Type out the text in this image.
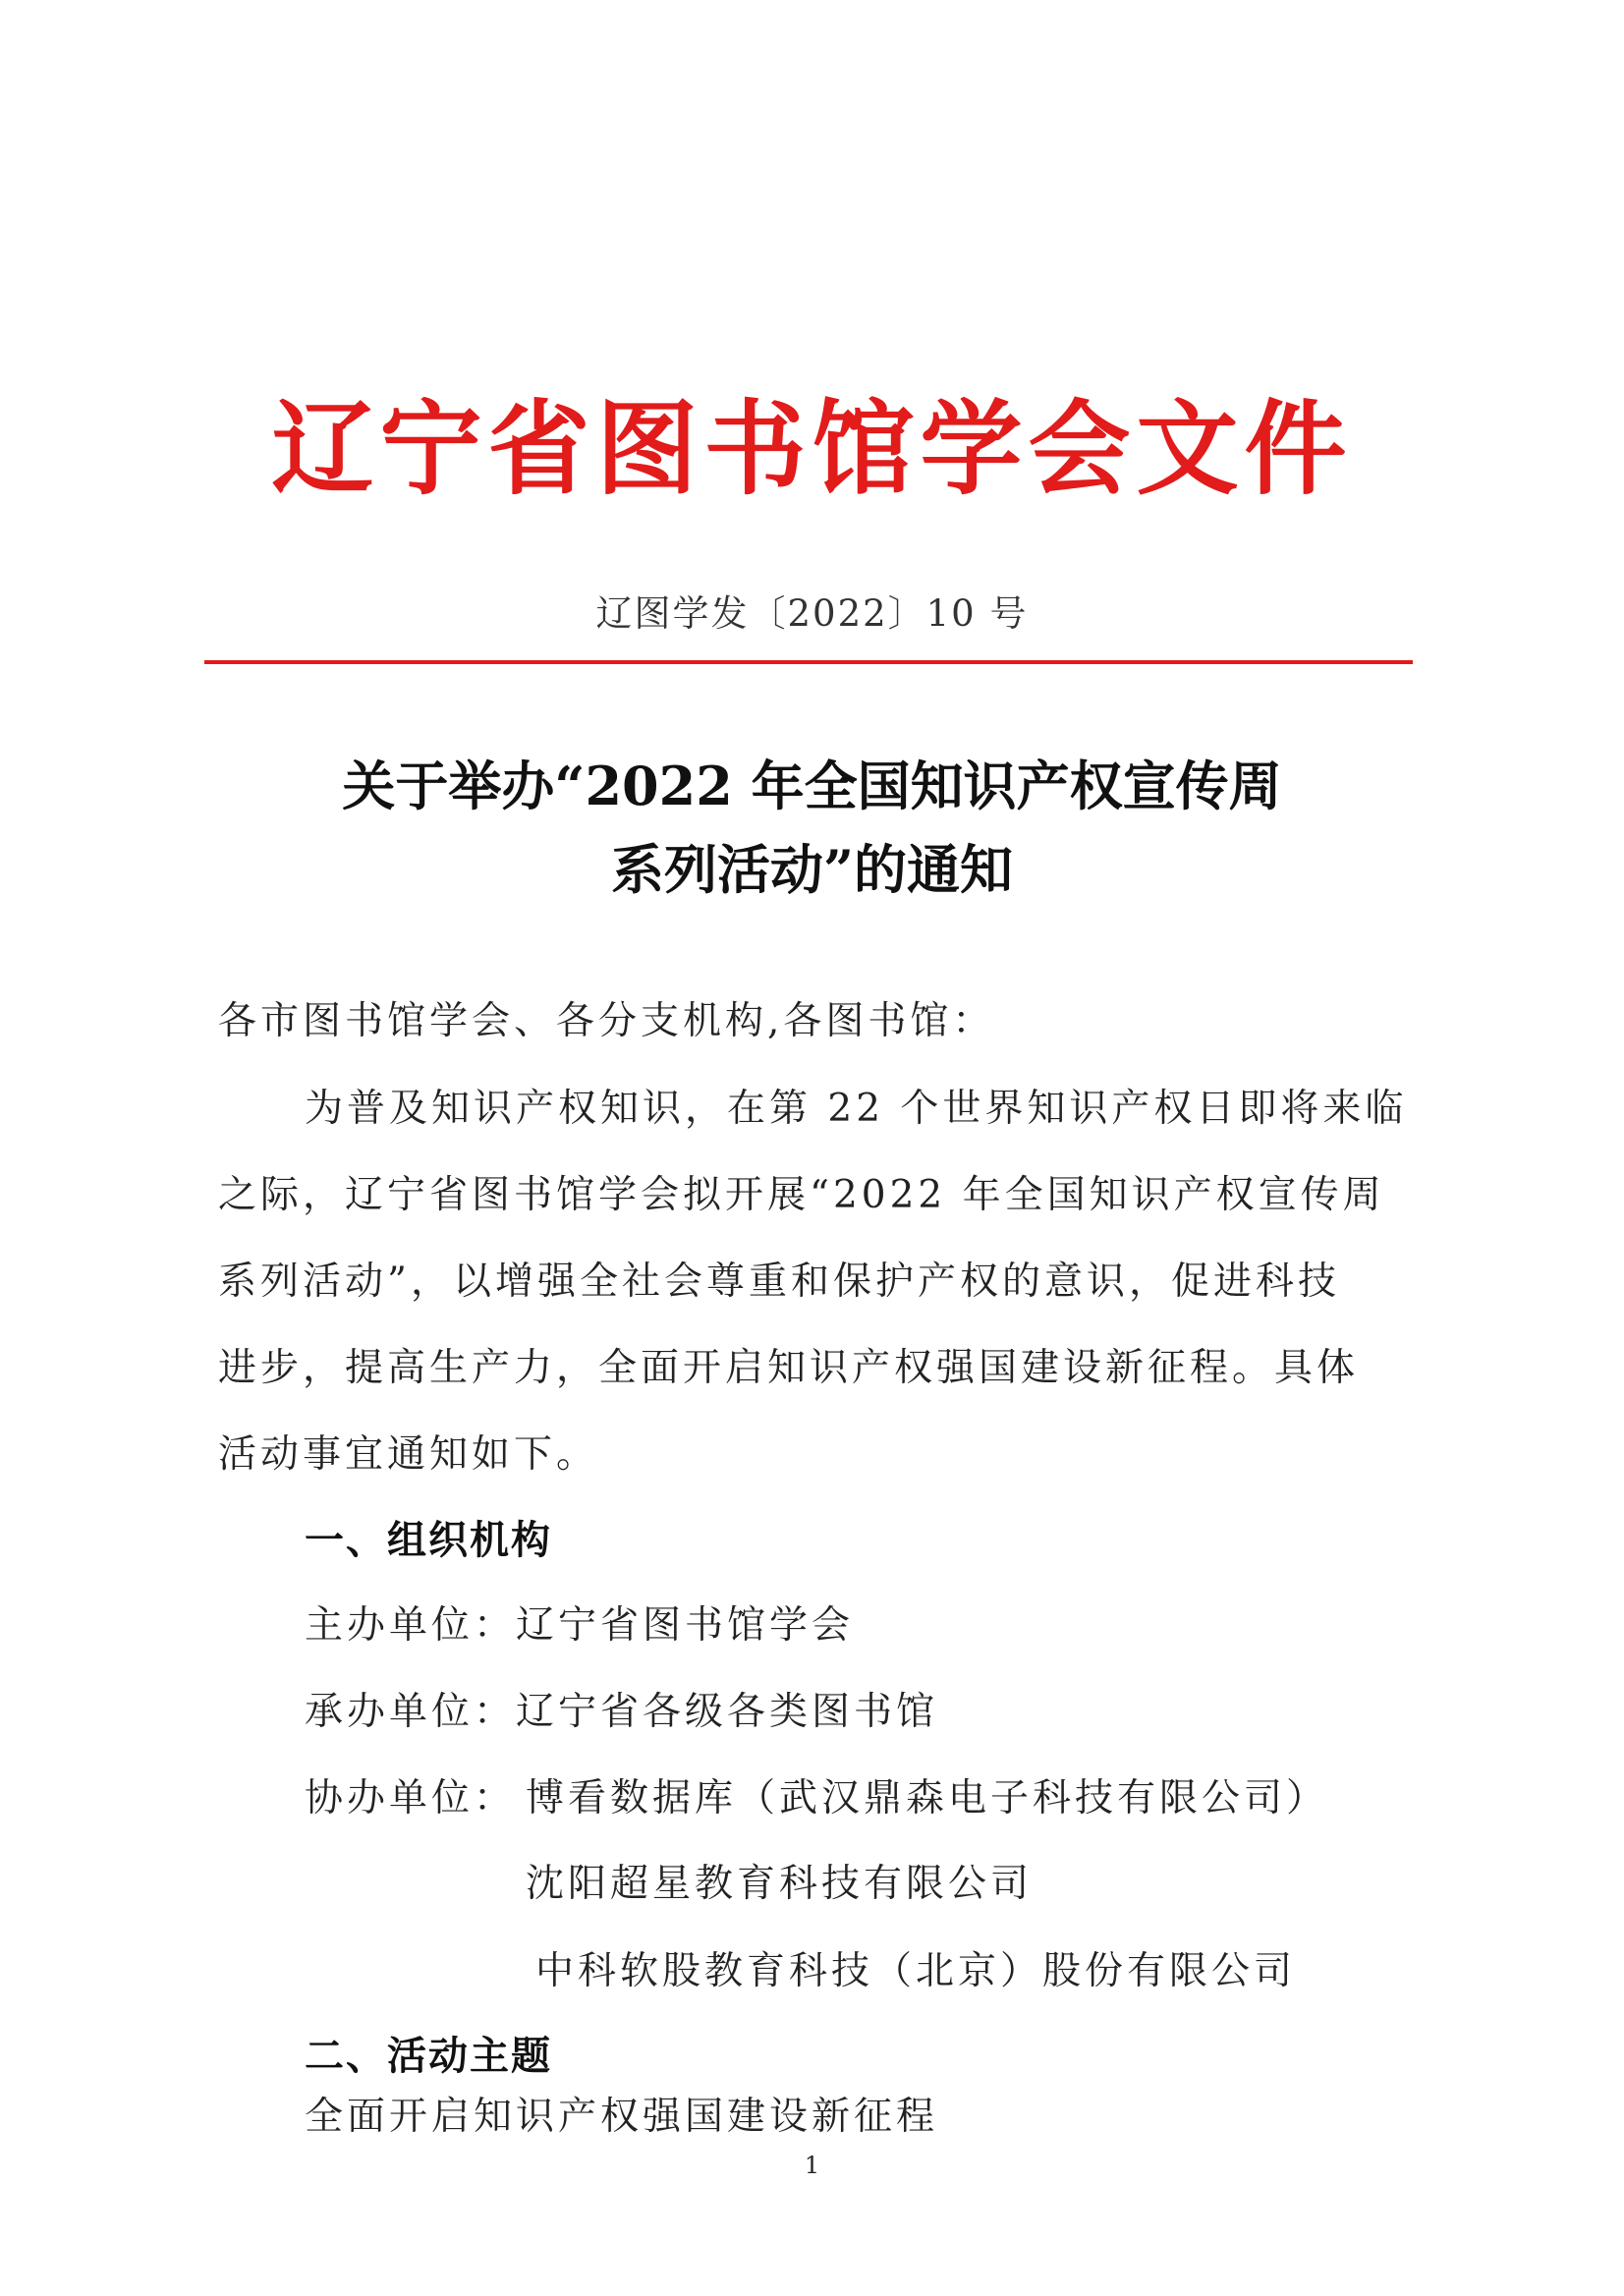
辽宁省图书馆学会文件
辽图学发〔2022〕10 号
关于举办“2022 年全国知识产权宣传周
系列活动”的通知
各市图书馆学会、各分支机构,各图书馆：
为普及知识产权知识，在第 22 个世界知识产权日即将来临
之际，辽宁省图书馆学会拟开展“2022 年全国知识产权宣传周
系列活动”，以增强全社会尊重和保护产权的意识，促进科技
进步，提高生产力，全面开启知识产权强国建设新征程。具体
活动事宜通知如下。
一、组织机构
主办单位：辽宁省图书馆学会
承办单位：辽宁省各级各类图书馆
协办单位： 博看数据库（武汉鼎森电子科技有限公司）
沈阳超星教育科技有限公司
中科软股教育科技（北京）股份有限公司
二、活动主题
全面开启知识产权强国建设新征程
1
